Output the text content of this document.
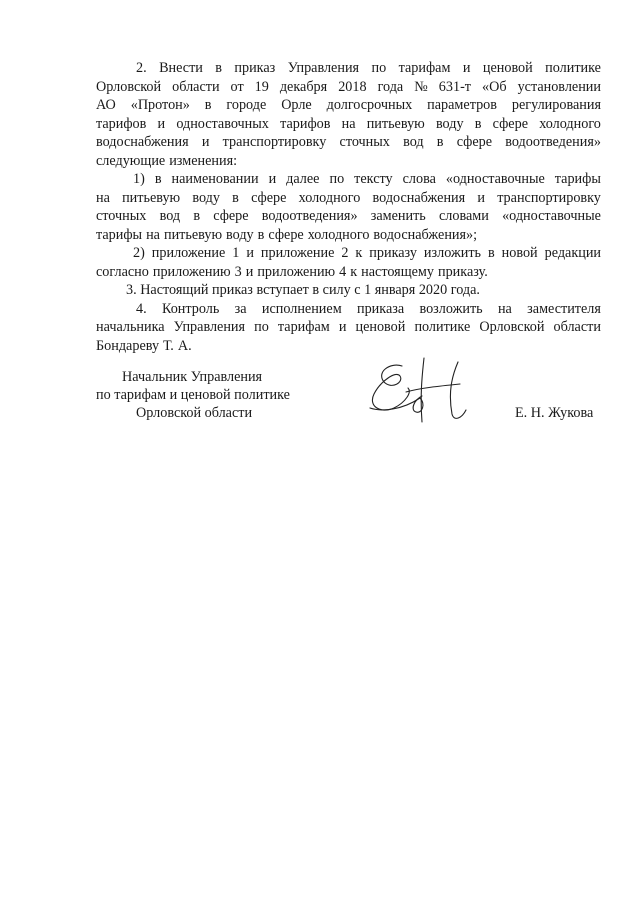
2. Внести в приказ Управления по тарифам и ценовой политике
Орловской области от 19 декабря 2018 года № 631-т «Об установлении
АО «Протон» в городе Орле долгосрочных параметров регулирования
тарифов и одноставочных тарифов на питьевую воду в сфере холодного
водоснабжения и транспортировку сточных вод в сфере водоотведения»
следующие изменения:
1) в наименовании и далее по тексту слова «одноставочные тарифы
на питьевую воду в сфере холодного водоснабжения и транспортировку
сточных вод в сфере водоотведения» заменить словами «одноставочные
тарифы на питьевую воду в сфере холодного водоснабжения»;
2) приложение 1 и приложение 2 к приказу изложить в новой редакции
согласно приложению 3 и приложению 4 к настоящему приказу.
3. Настоящий приказ вступает в силу с 1 января 2020 года.
4. Контроль за исполнением приказа возложить на заместителя
начальника Управления по тарифам и ценовой политике Орловской области
Бондареву Т. А.
Начальник Управления
по тарифам и ценовой политике
Орловской области	Е. Н. Жукова
